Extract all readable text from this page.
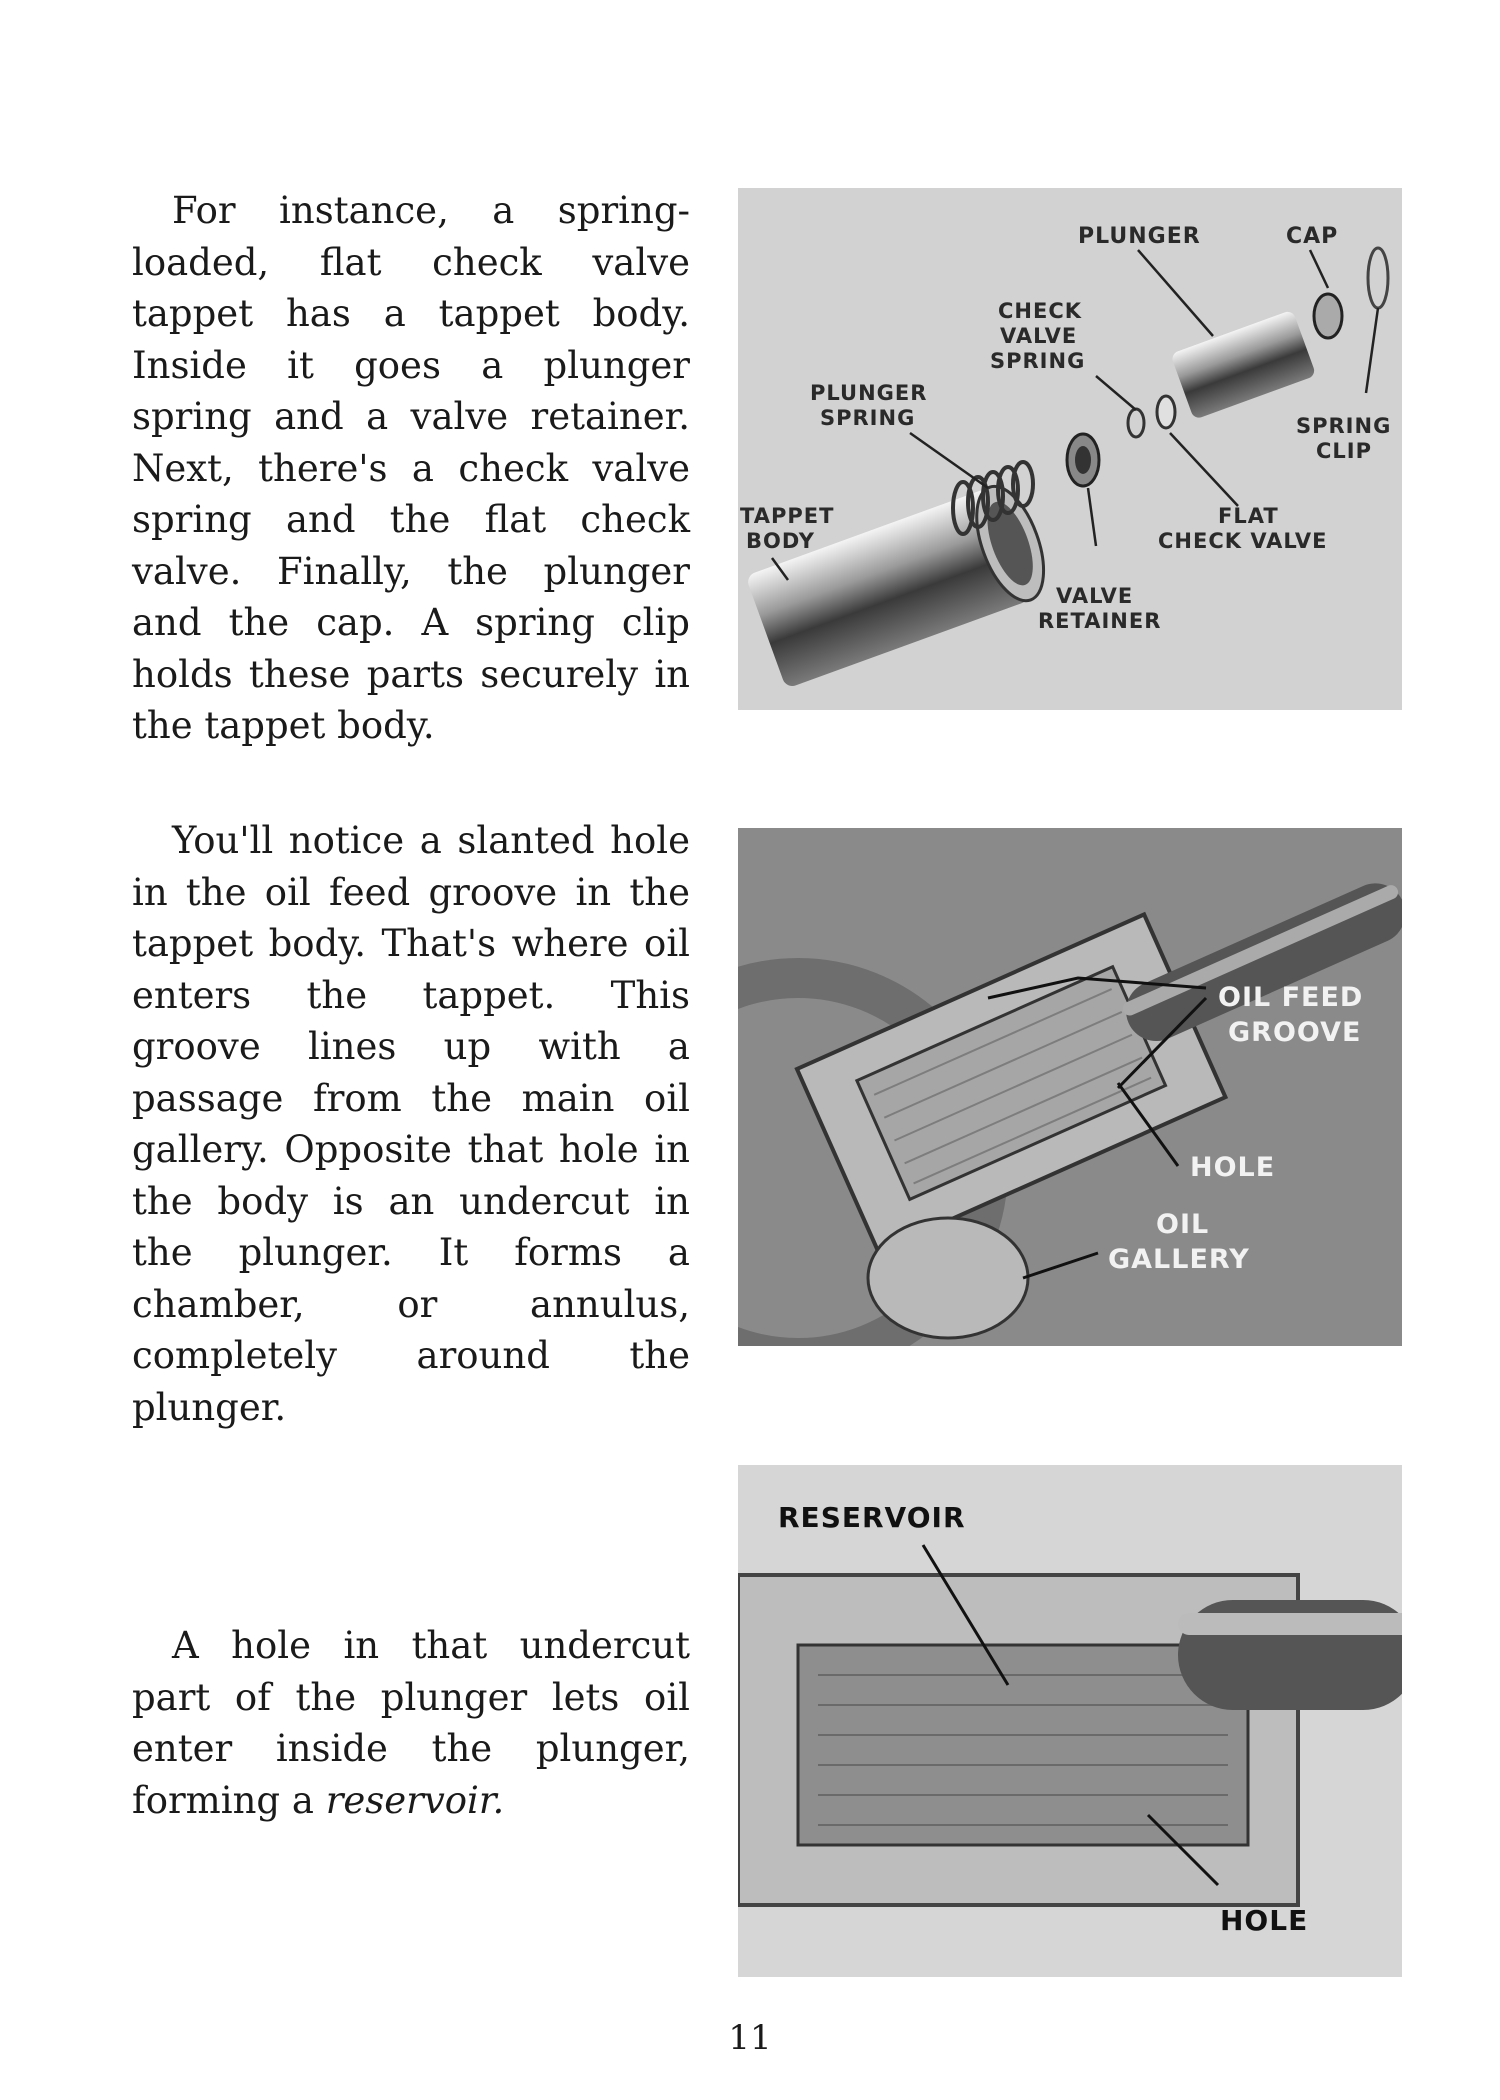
For instance, a spring-loaded, flat check valve tappet has a tappet body. Inside it goes a plunger spring and a valve retainer. Next, there's a check valve spring and the flat check valve. Finally, the plunger and the cap. A spring clip holds these parts securely in the tappet body.

PLUNGER	CAP
CHECK
VALVE
SPRING
PLUNGER
SPRING	SPRING
CLIP
TAPPET
BODY
FLAT
CHECK VALVE
VALVE
RETAINER

You'll notice a slanted hole in the oil feed groove in the tappet body. That's where oil enters the tappet. This groove lines up with a passage from the main oil gallery. Opposite that hole in the body is an undercut in the plunger. It forms a chamber, or annulus, completely around the plunger.

OIL FEED
GROOVE
HOLE
OIL
GALLERY

A hole in that undercut part of the plunger lets oil enter inside the plunger, forming a reservoir.

RESERVOIR
HOLE
11
